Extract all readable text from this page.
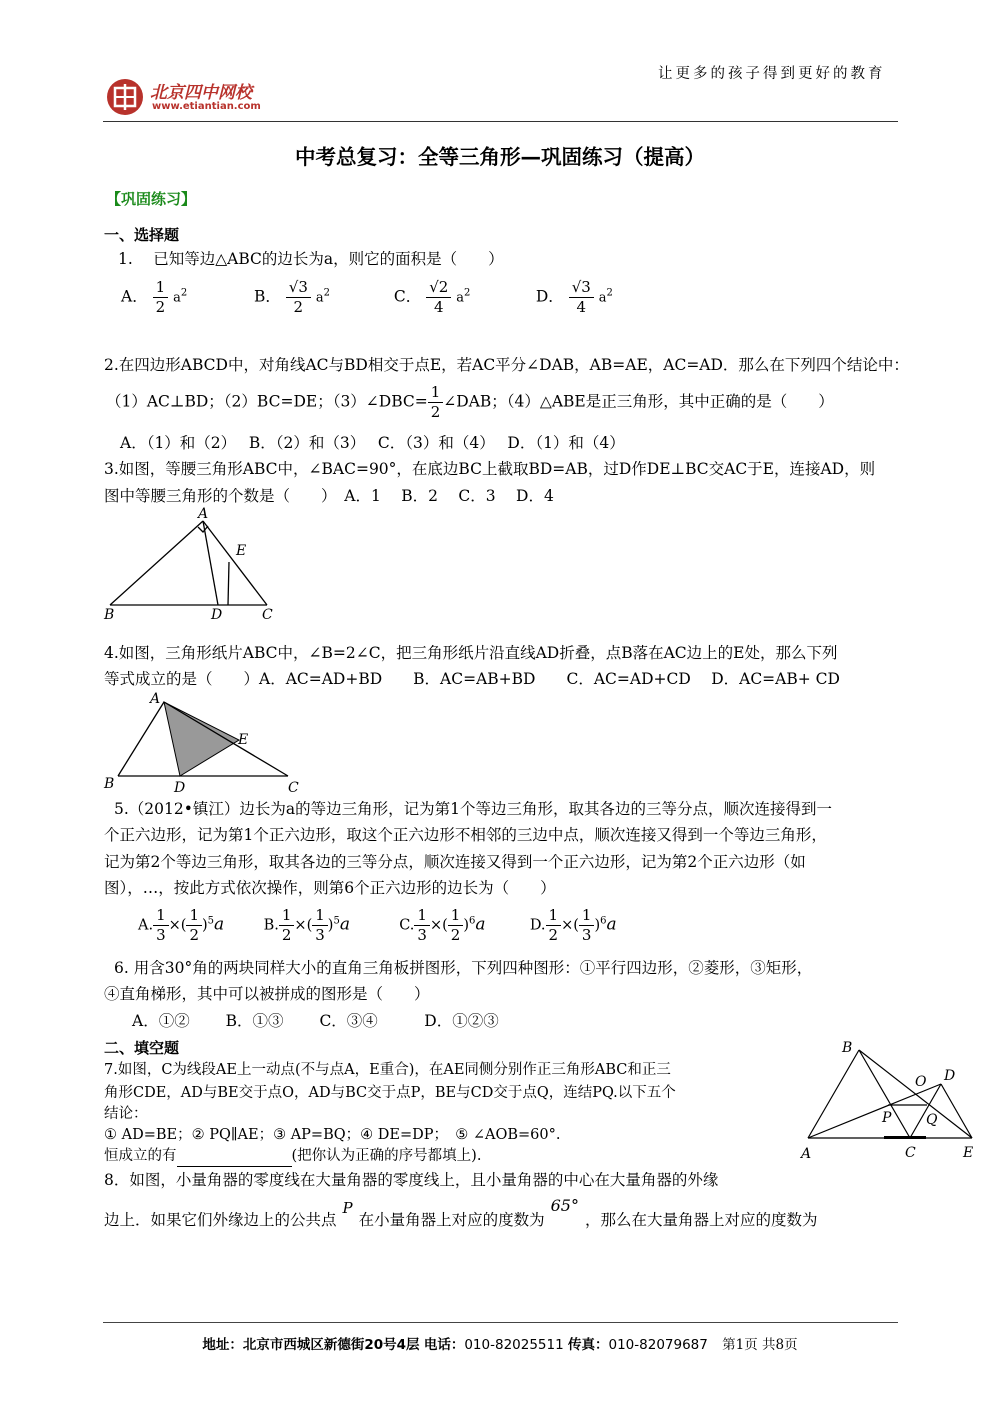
北京四中网校
www.etiantian.com
让更多的孩子得到更好的教育
中考总复习：全等三角形—巩固练习（提高）
【巩固练习】
一、选择题
1.　 已知等边△ABC的边长为a，则它的面积是（　　）
A． $\frac{1}{2} a^2$	B． $\frac{√3}{2} a^2$	C． $\frac{√2}{4} a^2$	D． $\frac{√3}{4} a^2$
2.在四边形ABCD中，对角线AC与BD相交于点E，若AC平分∠DAB，AB=AE，AC=AD．那么在下列四个结论中：
（1）AC⊥BD；（2）BC=DE；（3）∠DBC= $\frac{1}{2}$ ∠DAB；（4）△ABE是正三角形，其中正确的是（　　）
A．（1）和（2）　 B．（2）和（3）　 C．（3）和（4）　 D．（1）和（4）
3.如图，等腰三角形ABC中，∠BAC=90°，在底边BC上截取BD=AB，过D作DE⊥BC交AC于E，连接AD，则
图中等腰三角形的个数是（　　）　A．1　 B．2　 C．3　 D．4
A
E
B	D	C
4.如图，三角形纸片ABC中，∠B=2∠C，把三角形纸片沿直线AD折叠，点B落在AC边上的E处，那么下列
等式成立的是（　　）A．AC=AD+BD　　B．AC=AB+BD　　C．AC=AD+CD　 D．AC=AB+ CD
A
E
B	D	C
5.（2012•镇江）边长为a的等边三角形，记为第1个等边三角形，取其各边的三等分点，顺次连接得到一
个正六边形，记为第1个正六边形，取这个正六边形不相邻的三边中点，顺次连接又得到一个等边三角形，
记为第2个等边三角形，取其各边的三等分点，顺次连接又得到一个正六边形，记为第2个正六边形（如
图），…，按此方式依次操作，则第6个正六边形的边长为（　　）
A. $\frac{1}{3}$ ×( $\frac{1}{2} )^5a$	B. $\frac{1}{2}$ ×( $\frac{1}{3} )^5a$	C. $\frac{1}{3}$ ×( $\frac{1}{2} )^6a$	D. $\frac{1}{2}$ ×( $\frac{1}{3} )^6a$
6. 用含30°角的两块同样大小的直角三角板拼图形，下列四种图形：①平行四边形，②菱形，③矩形，
④直角梯形，其中可以被拼成的图形是（　　）
A．①②　　 B．①③　　 C．③④　　　D．①②③
二、填空题
7.如图，C为线段AE上一动点(不与点A，E重合)，在AE同侧分别作正三角形ABC和正三
角形CDE，AD与BE交于点O，AD与BC交于点P，BE与CD交于点Q，连结PQ.以下五个
结论：
① AD=BE；② PQ∥AE；③ AP=BQ；④ DE=DP；　⑤ ∠AOB=60°.
恒成立的有	(把你认为正确的序号都填上).
B
O D
P Q
A	C	E
8．如图，小量角器的零度线在大量角器的零度线上，且小量角器的中心在大量角器的外缘
边上．如果它们外缘边上的公共点P在小量角器上对应的度数为65°，那么在大量角器上对应的度数为
地址：北京市西城区新德街20号4层 电话：010-82025511 传真：010-82079687 第1页 共8页
